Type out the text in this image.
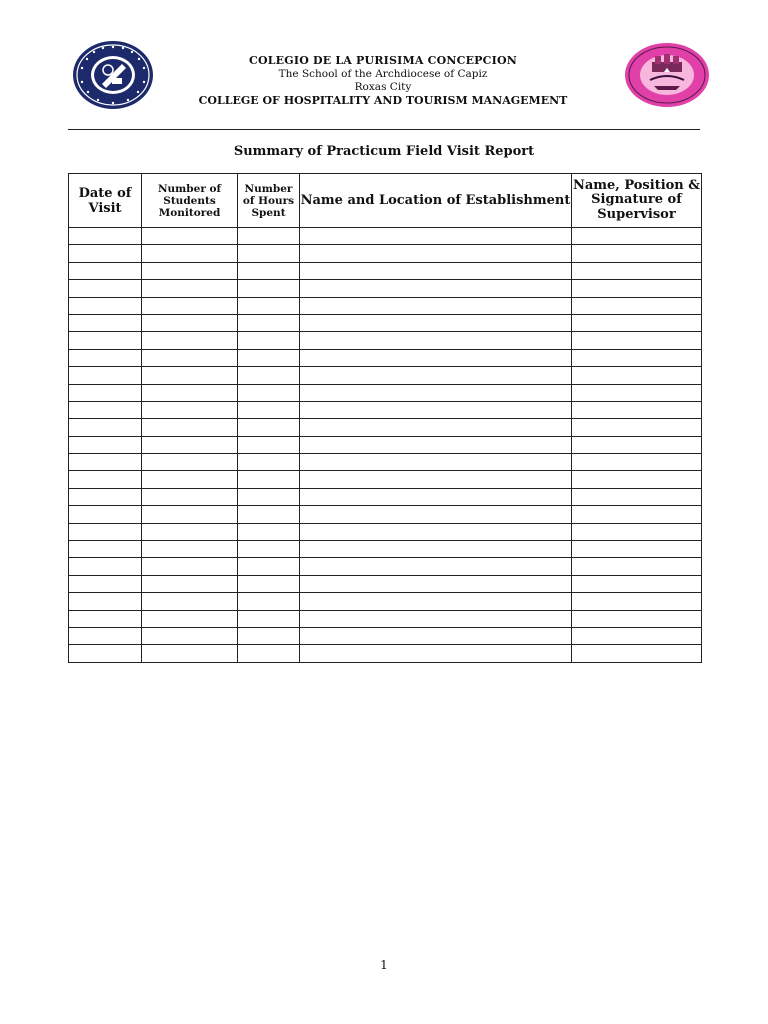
COLEGIO DE LA PURISIMA CONCEPCION
The School of the Archdiocese of Capiz
Roxas City
COLLEGE OF HOSPITALITY AND TOURISM MANAGEMENT
Summary of Practicum Field Visit Report
Date of Visit	Number of Students Monitored	Number of Hours Spent	Name and Location of Establishment	Name, Position & Signature of Supervisor

1
